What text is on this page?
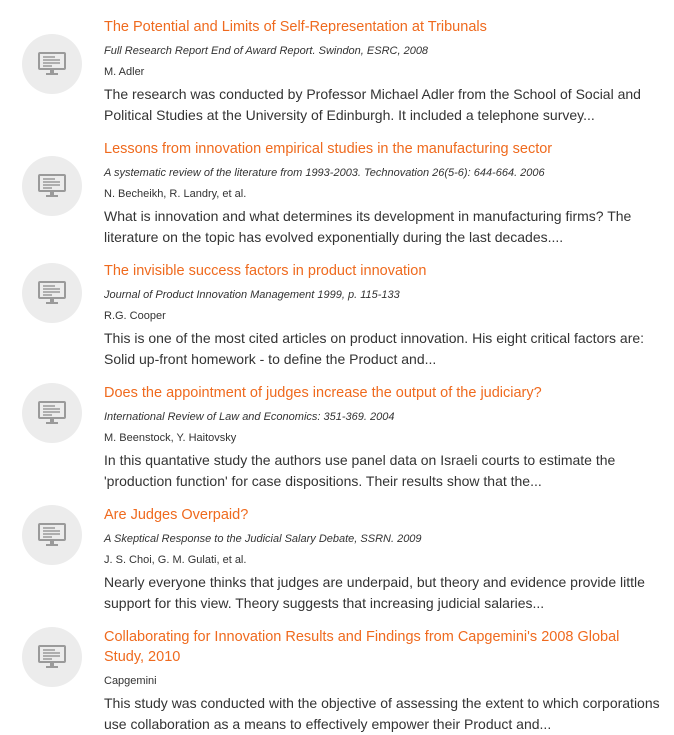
The Potential and Limits of Self-Representation at Tribunals
Full Research Report End of Award Report. Swindon, ESRC, 2008
M. Adler
The research was conducted by Professor Michael Adler from the School of Social and Political Studies at the University of Edinburgh. It included a telephone survey...
Lessons from innovation empirical studies in the manufacturing sector
A systematic review of the literature from 1993-2003. Technovation 26(5-6): 644-664. 2006
N. Becheikh, R. Landry, et al.
What is innovation and what determines its development in manufacturing firms? The literature on the topic has evolved exponentially during the last decades....
The invisible success factors in product innovation
Journal of Product Innovation Management 1999, p. 115-133
R.G. Cooper
This is one of the most cited articles on product innovation. His eight critical factors are: Solid up-front homework - to define the Product and...
Does the appointment of judges increase the output of the judiciary?
International Review of Law and Economics: 351-369. 2004
M. Beenstock, Y. Haitovsky
In this quantative study the authors use panel data on Israeli courts to estimate the 'production function' for case dispositions. Their results show that the...
Are Judges Overpaid?
A Skeptical Response to the Judicial Salary Debate, SSRN. 2009
J. S. Choi, G. M. Gulati, et al.
Nearly everyone thinks that judges are underpaid, but theory and evidence provide little support for this view. Theory suggests that increasing judicial salaries...
Collaborating for Innovation Results and Findings from Capgemini's 2008 Global Study, 2010
Capgemini
This study was conducted with the objective of assessing the extent to which corporations use collaboration as a means to effectively empower their Product and...
